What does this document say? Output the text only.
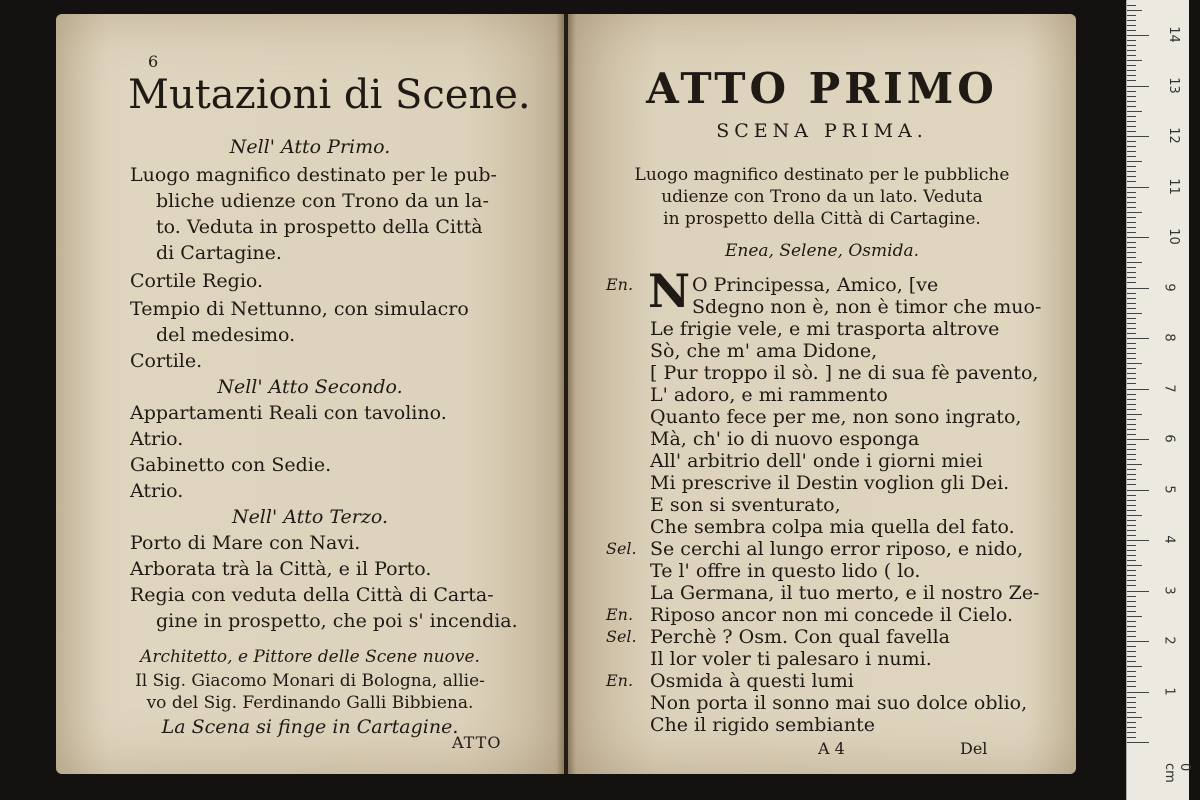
6
Mutazioni di Scene.
Nell' Atto Primo.
Luogo magnifico destinato per le pub-
bliche udienze con Trono da un la-
to. Veduta in prospetto della Città
di Cartagine.
Cortile Regio.
Tempio di Nettunno, con simulacro
del medesimo.
Cortile.
Nell' Atto Secondo.
Appartamenti Reali con tavolino.
Atrio.
Gabinetto con Sedie.
Atrio.
Nell' Atto Terzo.
Porto di Mare con Navi.
Arborata trà la Città, e il Porto.
Regia con veduta della Città di Carta-
gine in prospetto, che poi s' incendia.
Architetto, e Pittore delle Scene nuove.
Il Sig. Giacomo Monari di Bologna, allie-
vo del Sig. Ferdinando Galli Bibbiena.
La Scena si finge in Cartagine.
ATTO
ATTO PRIMO
SCENA PRIMA.
Luogo magnifico destinato per le pubbliche
udienze con Trono da un lato. Veduta
in prospetto della Città di Cartagine.
Enea, Selene, Osmida.
N
En.	O Principessa, Amico, [ve
Sdegno non è, non è timor che muo-
Le frigie vele, e mi trasporta altrove
Sò, che m' ama Didone,
[ Pur troppo il sò. ] ne di sua fè pavento,
L' adoro, e mi rammento
Quanto fece per me, non sono ingrato,
Mà, ch' io di nuovo esponga
All' arbitrio dell' onde i giorni miei
Mi prescrive il Destin voglion gli Dei.
E son si sventurato,
Che sembra colpa mia quella del fato.
Sel. Se cerchi al lungo error riposo, e nido,
Te l' offre in questo lido ( lo.
La Germana, il tuo merto, e il nostro Ze-
En. Riposo ancor non mi concede il Cielo.
Sel. Perchè ? Osm. Con qual favella
Il lor voler ti palesaro i numi.
En. Osmida à questi lumi
Non porta il sonno mai suo dolce oblio,
Che il rigido sembiante
A 4	Del
1
2
3
4
5
6
7
8
9
10
11
12
13
14
0 cm
